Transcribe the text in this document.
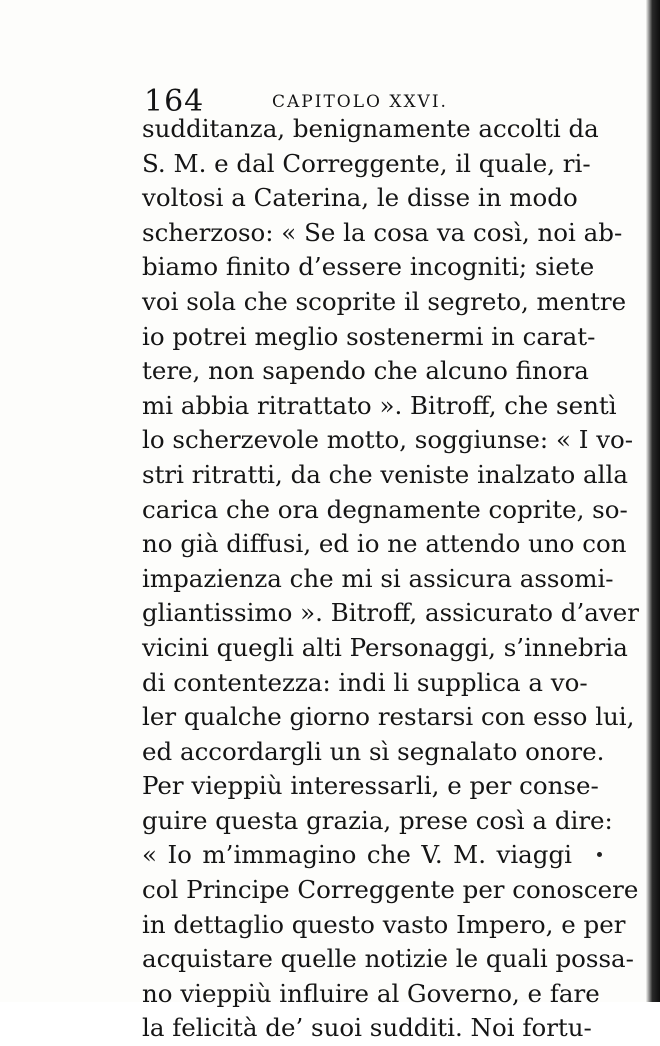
164	CAPITOLO XXVI.
sudditanza, benignamente accolti da
S. M. e dal Correggente, il quale, ri-
voltosi a Caterina, le disse in modo
scherzoso: « Se la cosa va così, noi ab-
biamo finito d’essere incogniti; siete
voi sola che scoprite il segreto, mentre
io potrei meglio sostenermi in carat-
tere, non sapendo che alcuno finora
mi abbia ritrattato ». Bitroff, che sentì
lo scherzevole motto, soggiunse: « I vo-
stri ritratti, da che veniste inalzato alla
carica che ora degnamente coprite, so-
no già diffusi, ed io ne attendo uno con
impazienza che mi si assicura assomi-
gliantissimo ». Bitroff, assicurato d’aver
vicini quegli alti Personaggi, s’innebria
di contentezza: indi li supplica a vo-
ler qualche giorno restarsi con esso lui,
ed accordargli un sì segnalato onore.
Per vieppiù interessarli, e per conse-
guire questa grazia, prese così a dire:
« Io m’immagino che V. M. viaggi
col Principe Correggente per conoscere
in dettaglio questo vasto Impero, e per
acquistare quelle notizie le quali possa-
no vieppiù influire al Governo, e fare
la felicità de’ suoi sudditi. Noi fortu-
